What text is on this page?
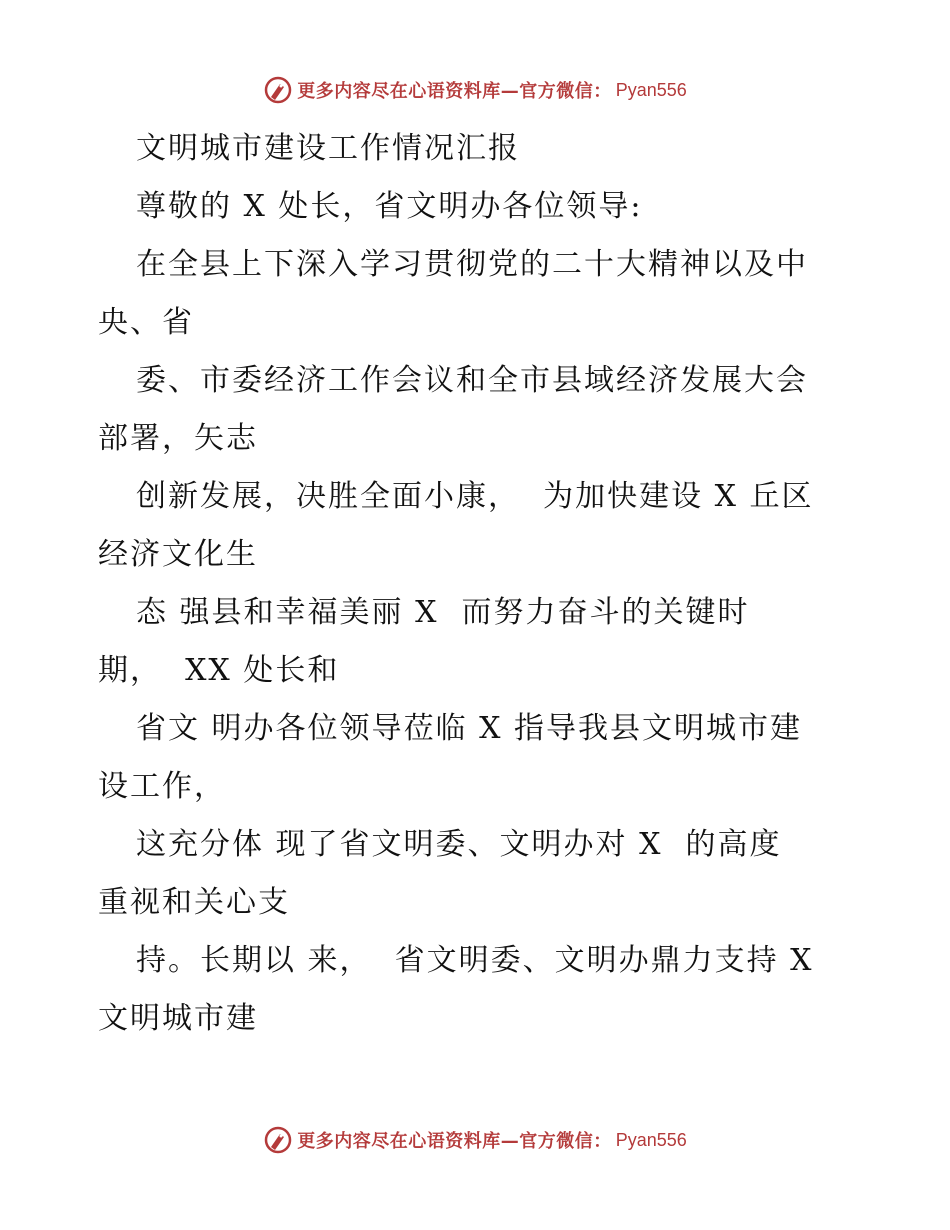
更多内容尽在心语资料库—官方微信： Pyan556
文明城市建设工作情况汇报
尊敬的 X 处长，省文明办各位领导:
在全县上下深入学习贯彻党的二十大精神以及中
央、省
委、市委经济工作会议和全市县域经济发展大会
部署，矢志
创新发展，决胜全面小康，  为加快建设 X 丘区
经济文化生
态 强县和幸福美丽 X  而努力奋斗的关键时
期，  XX 处长和
省文 明办各位领导莅临 X 指导我县文明城市建
设工作，
这充分体 现了省文明委、文明办对 X  的高度
重视和关心支
持。长期以 来，  省文明委、文明办鼎力支持 X
文明城市建
更多内容尽在心语资料库—官方微信： Pyan556
